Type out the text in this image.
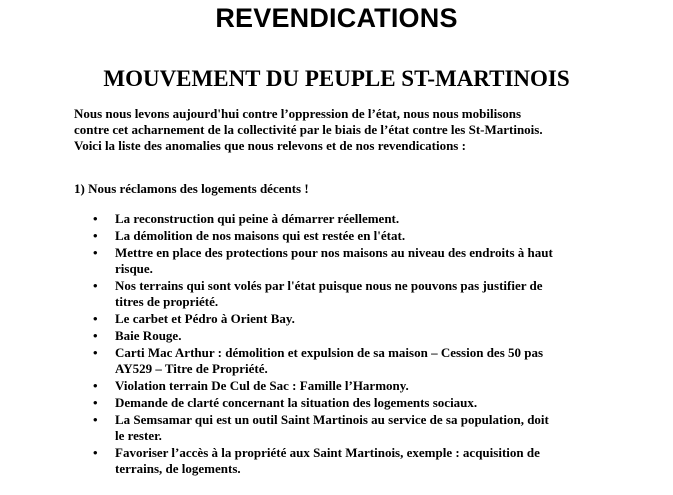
REVENDICATIONS
MOUVEMENT DU PEUPLE ST-MARTINOIS

Nous nous levons aujourd'hui contre l’oppression de l’état, nous nous mobilisons
contre cet acharnement de la collectivité par le biais de l’état contre les St-Martinois.
Voici la liste des anomalies que nous relevons et de nos revendications :

1) Nous réclamons des logements décents !

• La reconstruction qui peine à démarrer réellement.
• La démolition de nos maisons qui est restée en l'état.
• Mettre en place des protections pour nos maisons au niveau des endroits à haut
risque.
• Nos terrains qui sont volés par l'état puisque nous ne pouvons pas justifier de
titres de propriété.
• Le carbet et Pédro à Orient Bay.
• Baie Rouge.
• Carti Mac Arthur : démolition et expulsion de sa maison – Cession des 50 pas
AY529 – Titre de Propriété.
• Violation terrain De Cul de Sac : Famille l’Harmony.
• Demande de clarté concernant la situation des logements sociaux.
• La Semsamar qui est un outil Saint Martinois au service de sa population, doit
le rester.
• Favoriser l’accès à la propriété aux Saint Martinois, exemple : acquisition de
terrains, de logements.
